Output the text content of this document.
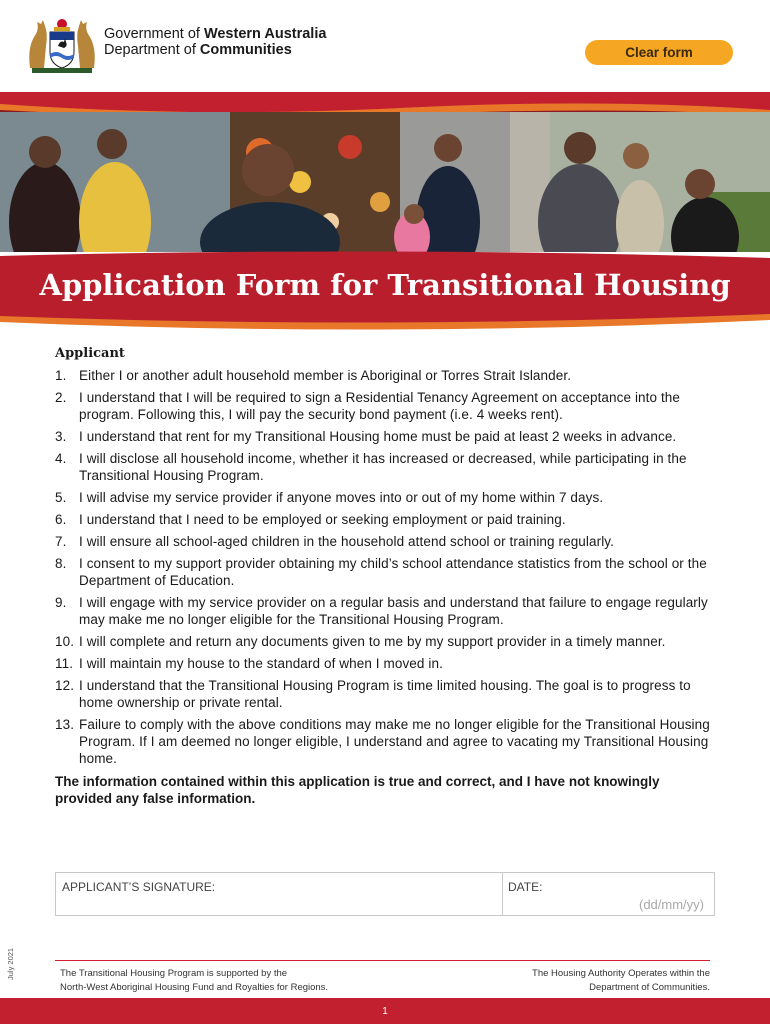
Government of Western Australia
Department of Communities	Clear form
Application Form for Transitional Housing
Applicant
1. Either I or another adult household member is Aboriginal or Torres Strait Islander.
2. I understand that I will be required to sign a Residential Tenancy Agreement on acceptance into the program. Following this, I will pay the security bond payment (i.e. 4 weeks rent).
3. I understand that rent for my Transitional Housing home must be paid at least 2 weeks in advance.
4. I will disclose all household income, whether it has increased or decreased, while participating in the Transitional Housing Program.
5. I will advise my service provider if anyone moves into or out of my home within 7 days.
6. I understand that I need to be employed or seeking employment or paid training.
7. I will ensure all school-aged children in the household attend school or training regularly.
8. I consent to my support provider obtaining my child’s school attendance statistics from the school or the Department of Education.
9. I will engage with my service provider on a regular basis and understand that failure to engage regularly may make me no longer eligible for the Transitional Housing Program.
10. I will complete and return any documents given to me by my support provider in a timely manner.
11. I will maintain my house to the standard of when I moved in.
12. I understand that the Transitional Housing Program is time limited housing. The goal is to progress to home ownership or private rental.
13. Failure to comply with the above conditions may make me no longer eligible for the Transitional Housing Program. If I am deemed no longer eligible, I understand and agree to vacating my Transitional Housing home.
The information contained within this application is true and correct, and I have not knowingly provided any false information.
APPLICANT’S SIGNATURE:	DATE:
(dd/mm/yy)
July 2021	The Transitional Housing Program is supported by the
North-West Aboriginal Housing Fund and Royalties for Regions.
The Housing Authority Operates within the
Department of Communities.
1
